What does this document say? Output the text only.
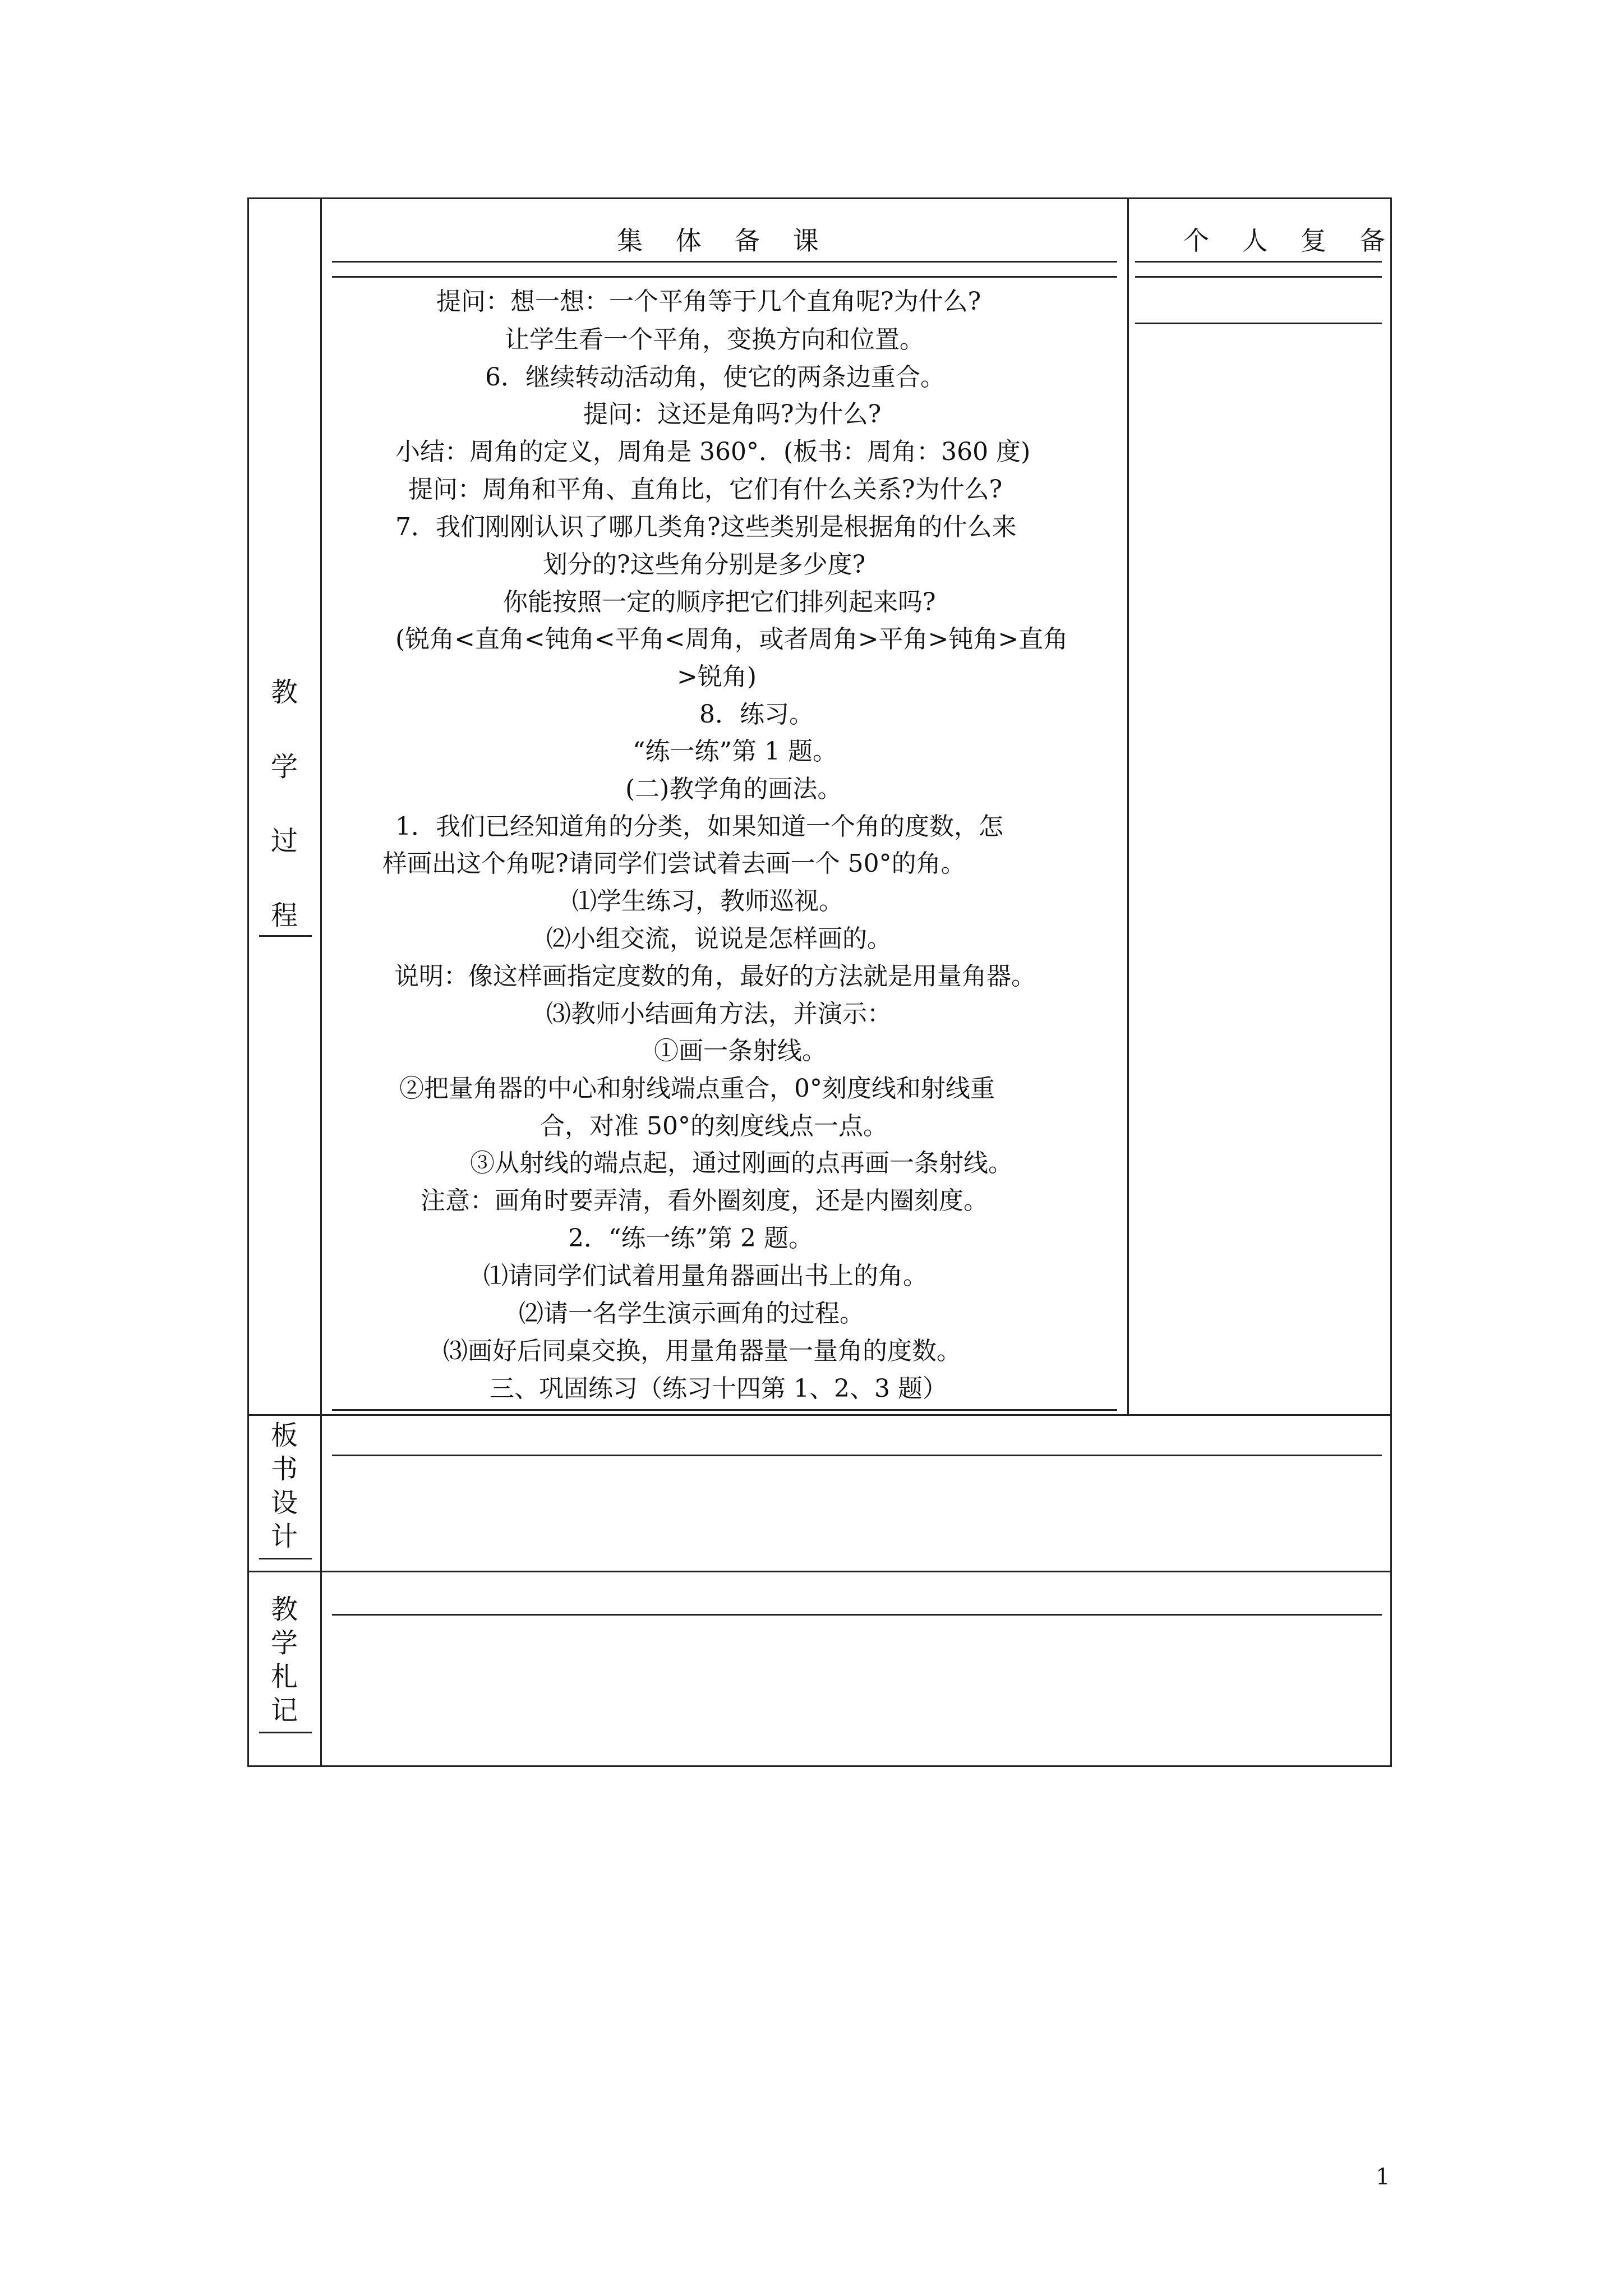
集 体 备 课	个 人 复 备
教
学
过
程
提问：想一想：一个平角等于几个直角呢?为什么?
让学生看一个平角，变换方向和位置。
6．继续转动活动角，使它的两条边重合。
提问：这还是角吗?为什么?
小结：周角的定义，周角是 360°．(板书：周角：360 度)
提问：周角和平角、直角比，它们有什么关系?为什么?
7．我们刚刚认识了哪几类角?这些类别是根据角的什么来
划分的?这些角分别是多少度?
你能按照一定的顺序把它们排列起来吗?
(锐角<直角<钝角<平角<周角，或者周角>平角>钝角>直角
>锐角)
8．练习。
“练一练”第 1 题。
(二)教学角的画法。
1．我们已经知道角的分类，如果知道一个角的度数，怎
样画出这个角呢?请同学们尝试着去画一个 50°的角。
⑴学生练习，教师巡视。
⑵小组交流，说说是怎样画的。
说明：像这样画指定度数的角，最好的方法就是用量角器。
⑶教师小结画角方法，并演示：
①画一条射线。
②把量角器的中心和射线端点重合，0°刻度线和射线重
合，对准 50°的刻度线点一点。
③从射线的端点起，通过刚画的点再画一条射线。
注意：画角时要弄清，看外圈刻度，还是内圈刻度。
2．“练一练”第 2 题。
⑴请同学们试着用量角器画出书上的角。
⑵请一名学生演示画角的过程。
⑶画好后同桌交换，用量角器量一量角的度数。
三、巩固练习（练习十四第 1、2、3 题）
板
书
设
计
教
学
札
记
1
